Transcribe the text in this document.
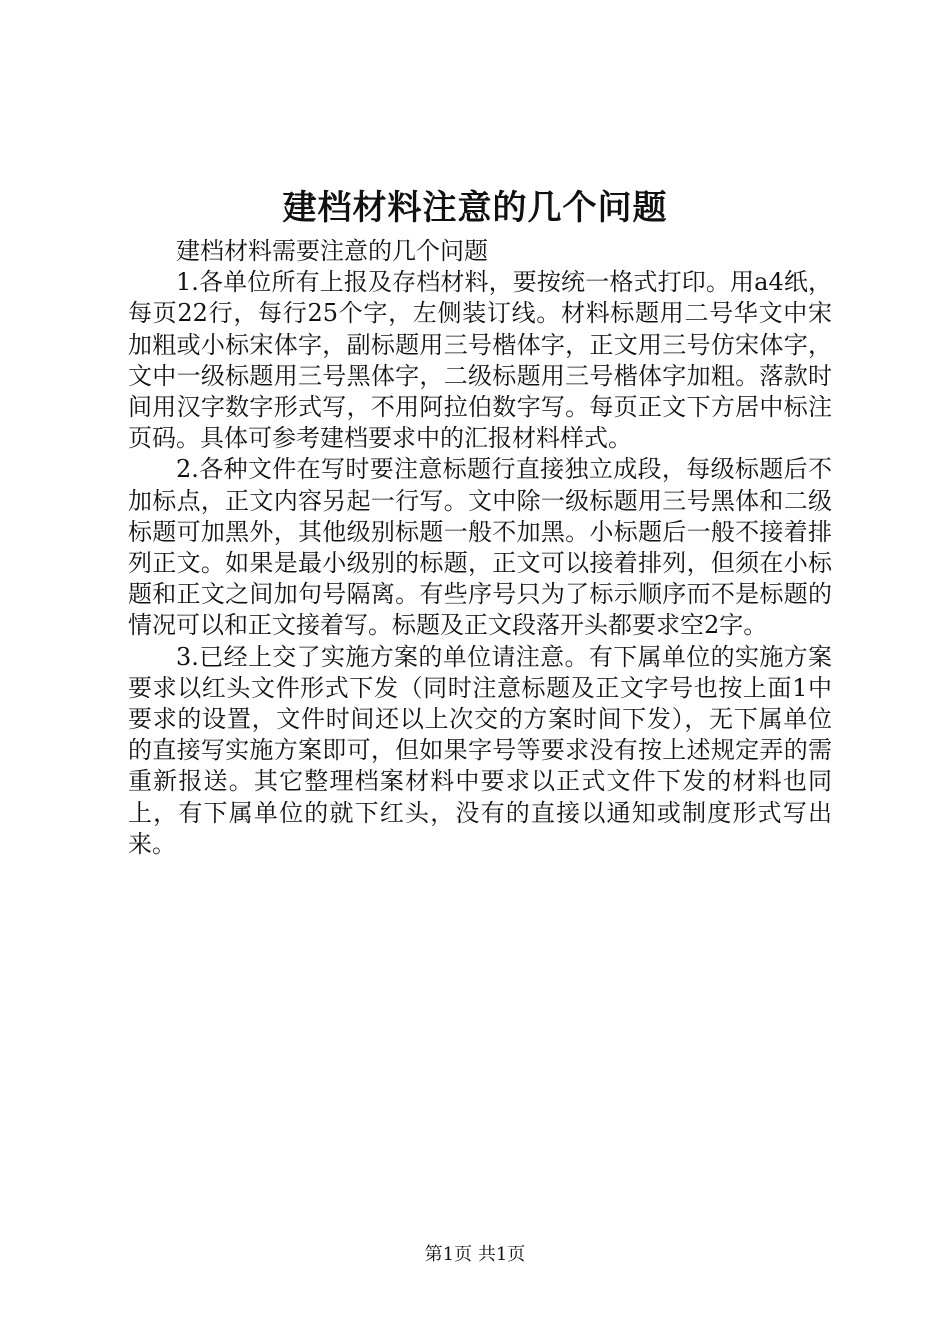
建档材料注意的几个问题

建档材料需要注意的几个问题

1.各单位所有上报及存档材料，要按统一格式打印。用a4纸，每页22行，每行25个字，左侧装订线。材料标题用二号华文中宋加粗或小标宋体字，副标题用三号楷体字，正文用三号仿宋体字，文中一级标题用三号黑体字，二级标题用三号楷体字加粗。落款时间用汉字数字形式写，不用阿拉伯数字写。每页正文下方居中标注页码。具体可参考建档要求中的汇报材料样式。

2.各种文件在写时要注意标题行直接独立成段，每级标题后不加标点，正文内容另起一行写。文中除一级标题用三号黑体和二级标题可加黑外，其他级别标题一般不加黑。小标题后一般不接着排列正文。如果是最小级别的标题，正文可以接着排列，但须在小标题和正文之间加句号隔离。有些序号只为了标示顺序而不是标题的情况可以和正文接着写。标题及正文段落开头都要求空2字。

3.已经上交了实施方案的单位请注意。有下属单位的实施方案要求以红头文件形式下发（同时注意标题及正文字号也按上面1中要求的设置，文件时间还以上次交的方案时间下发），无下属单位的直接写实施方案即可，但如果字号等要求没有按上述规定弄的需重新报送。其它整理档案材料中要求以正式文件下发的材料也同上，有下属单位的就下红头，没有的直接以通知或制度形式写出来。

第1页 共1页
